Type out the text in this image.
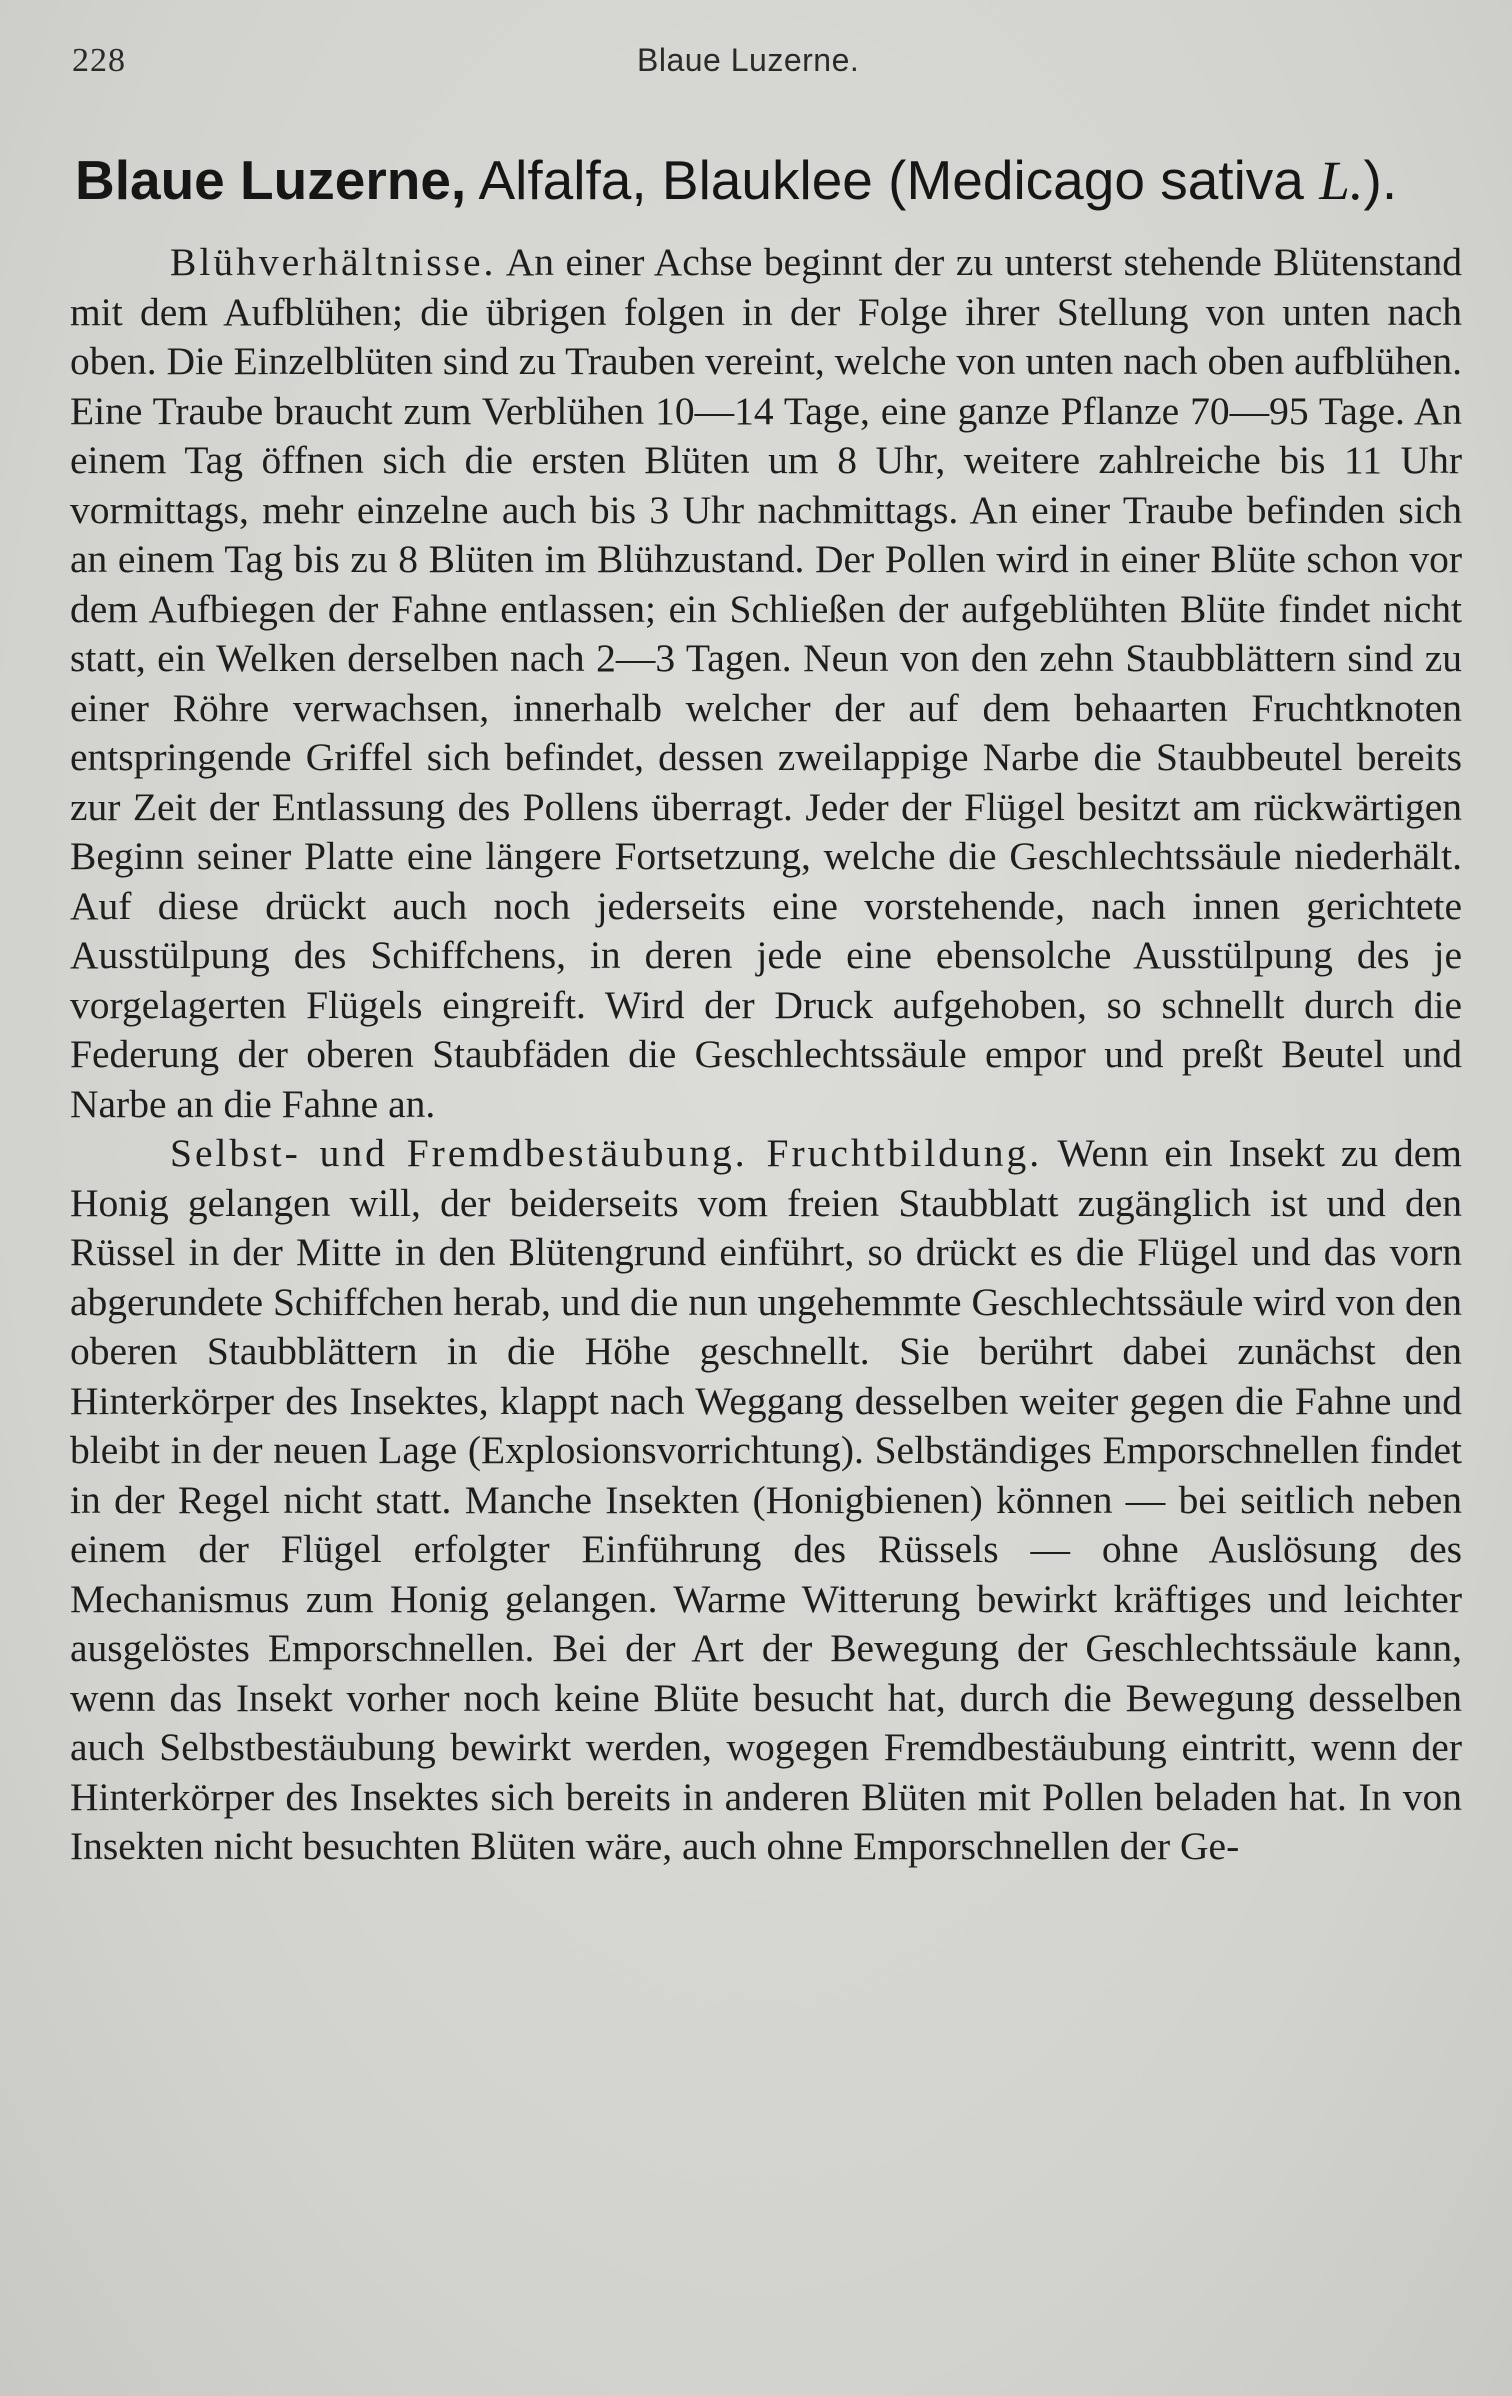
228	Blaue Luzerne.
Blaue Luzerne, Alfalfa, Blauklee (Medicago sativa L.).

Blühverhältnisse. An einer Achse beginnt der zu unterst stehende Blütenstand mit dem Aufblühen; die übrigen folgen in der Folge ihrer Stellung von unten nach oben. Die Einzelblüten sind zu Trauben vereint, welche von unten nach oben aufblühen. Eine Traube braucht zum Verblühen 10—14 Tage, eine ganze Pflanze 70—95 Tage. An einem Tag öffnen sich die ersten Blüten um 8 Uhr, weitere zahlreiche bis 11 Uhr vormittags, mehr einzelne auch bis 3 Uhr nachmittags. An einer Traube befinden sich an einem Tag bis zu 8 Blüten im Blühzustand. Der Pollen wird in einer Blüte schon vor dem Aufbiegen der Fahne entlassen; ein Schließen der aufgeblühten Blüte findet nicht statt, ein Welken derselben nach 2—3 Tagen. Neun von den zehn Staubblättern sind zu einer Röhre verwachsen, innerhalb welcher der auf dem behaarten Fruchtknoten entspringende Griffel sich befindet, dessen zweilappige Narbe die Staubbeutel bereits zur Zeit der Entlassung des Pollens überragt. Jeder der Flügel besitzt am rückwärtigen Beginn seiner Platte eine längere Fortsetzung, welche die Geschlechtssäule niederhält. Auf diese drückt auch noch jederseits eine vorstehende, nach innen gerichtete Ausstülpung des Schiffchens, in deren jede eine ebensolche Ausstülpung des je vorgelagerten Flügels eingreift. Wird der Druck aufgehoben, so schnellt durch die Federung der oberen Staubfäden die Geschlechtssäule empor und preßt Beutel und Narbe an die Fahne an.

Selbst- und Fremdbestäubung. Fruchtbildung. Wenn ein Insekt zu dem Honig gelangen will, der beiderseits vom freien Staubblatt zugänglich ist und den Rüssel in der Mitte in den Blütengrund einführt, so drückt es die Flügel und das vorn abgerundete Schiffchen herab, und die nun ungehemmte Geschlechtssäule wird von den oberen Staubblättern in die Höhe geschnellt. Sie berührt dabei zunächst den Hinterkörper des Insektes, klappt nach Weggang desselben weiter gegen die Fahne und bleibt in der neuen Lage (Explosionsvorrichtung). Selbständiges Emporschnellen findet in der Regel nicht statt. Manche Insekten (Honigbienen) können — bei seitlich neben einem der Flügel erfolgter Einführung des Rüssels — ohne Auslösung des Mechanismus zum Honig gelangen. Warme Witterung bewirkt kräftiges und leichter ausgelöstes Emporschnellen. Bei der Art der Bewegung der Geschlechtssäule kann, wenn das Insekt vorher noch keine Blüte besucht hat, durch die Bewegung desselben auch Selbstbestäubung bewirkt werden, wogegen Fremdbestäubung eintritt, wenn der Hinterkörper des Insektes sich bereits in anderen Blüten mit Pollen beladen hat. In von Insekten nicht besuchten Blüten wäre, auch ohne Emporschnellen der Ge-
